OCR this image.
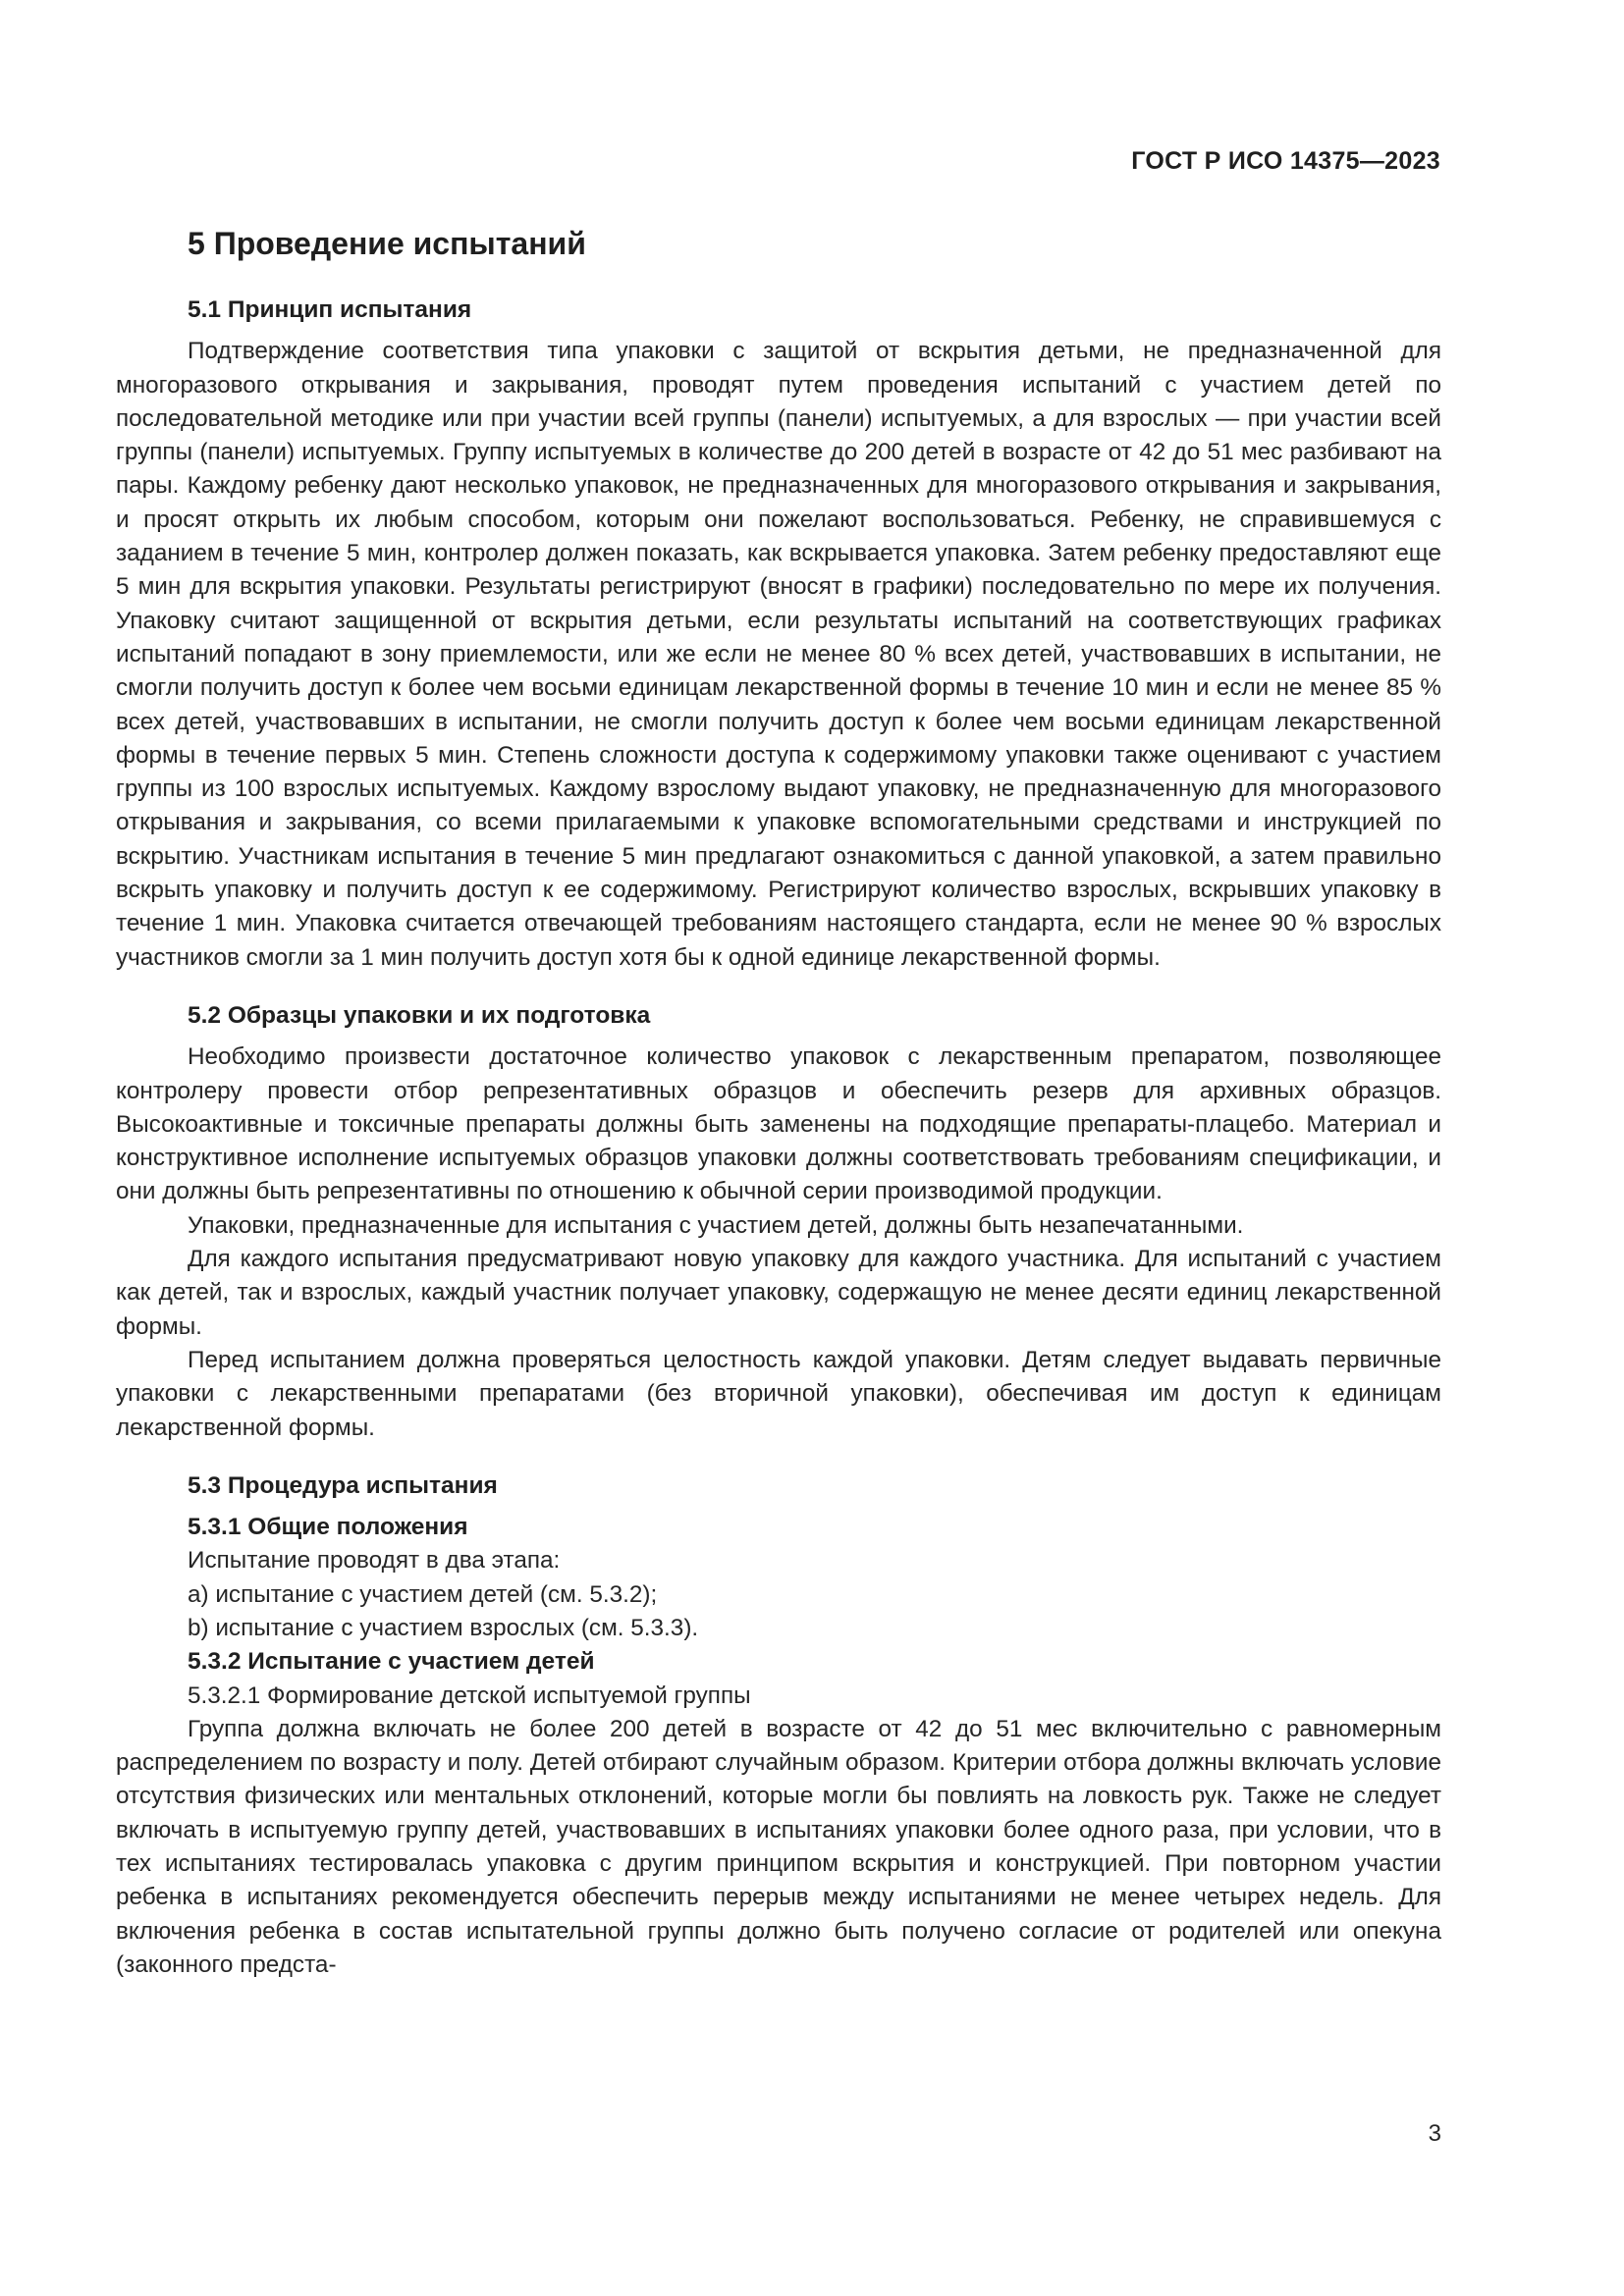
ГОСТ Р ИСО 14375—2023
5 Проведение испытаний
5.1 Принцип испытания

Подтверждение соответствия типа упаковки с защитой от вскрытия детьми, не предназначенной для многоразового открывания и закрывания, проводят путем проведения испытаний с участием детей по последовательной методике или при участии всей группы (панели) испытуемых, а для взрослых — при участии всей группы (панели) испытуемых. Группу испытуемых в количестве до 200 детей в возрасте от 42 до 51 мес разбивают на пары. Каждому ребенку дают несколько упаковок, не предназначенных для многоразового открывания и закрывания, и просят открыть их любым способом, которым они пожелают воспользоваться. Ребенку, не справившемуся с заданием в течение 5 мин, контролер должен показать, как вскрывается упаковка. Затем ребенку предоставляют еще 5 мин для вскрытия упаковки. Результаты регистрируют (вносят в графики) последовательно по мере их получения. Упаковку считают защищенной от вскрытия детьми, если результаты испытаний на соответствующих графиках испытаний попадают в зону приемлемости, или же если не менее 80 % всех детей, участвовавших в испытании, не смогли получить доступ к более чем восьми единицам лекарственной формы в течение 10 мин и если не менее 85 % всех детей, участвовавших в испытании, не смогли получить доступ к более чем восьми единицам лекарственной формы в течение первых 5 мин. Степень сложности доступа к содержимому упаковки также оценивают с участием группы из 100 взрослых испытуемых. Каждому взрослому выдают упаковку, не предназначенную для многоразового открывания и закрывания, со всеми прилагаемыми к упаковке вспомогательными средствами и инструкцией по вскрытию. Участникам испытания в течение 5 мин предлагают ознакомиться с данной упаковкой, а затем правильно вскрыть упаковку и получить доступ к ее содержимому. Регистрируют количество взрослых, вскрывших упаковку в течение 1 мин. Упаковка считается отвечающей требованиям настоящего стандарта, если не менее 90 % взрослых участников смогли за 1 мин получить доступ хотя бы к одной единице лекарственной формы.

5.2 Образцы упаковки и их подготовка

Необходимо произвести достаточное количество упаковок с лекарственным препаратом, позволяющее контролеру провести отбор репрезентативных образцов и обеспечить резерв для архивных образцов. Высокоактивные и токсичные препараты должны быть заменены на подходящие препараты-плацебо. Материал и конструктивное исполнение испытуемых образцов упаковки должны соответствовать требованиям спецификации, и они должны быть репрезентативны по отношению к обычной серии производимой продукции.

Упаковки, предназначенные для испытания с участием детей, должны быть незапечатанными.

Для каждого испытания предусматривают новую упаковку для каждого участника. Для испытаний с участием как детей, так и взрослых, каждый участник получает упаковку, содержащую не менее десяти единиц лекарственной формы.

Перед испытанием должна проверяться целостность каждой упаковки. Детям следует выдавать первичные упаковки с лекарственными препаратами (без вторичной упаковки), обеспечивая им доступ к единицам лекарственной формы.

5.3 Процедура испытания
5.3.1 Общие положения
Испытание проводят в два этапа:
a) испытание с участием детей (см. 5.3.2);
b) испытание с участием взрослых (см. 5.3.3).
5.3.2 Испытание с участием детей
5.3.2.1 Формирование детской испытуемой группы

Группа должна включать не более 200 детей в возрасте от 42 до 51 мес включительно с равномерным распределением по возрасту и полу. Детей отбирают случайным образом. Критерии отбора должны включать условие отсутствия физических или ментальных отклонений, которые могли бы повлиять на ловкость рук. Также не следует включать в испытуемую группу детей, участвовавших в испытаниях упаковки более одного раза, при условии, что в тех испытаниях тестировалась упаковка с другим принципом вскрытия и конструкцией. При повторном участии ребенка в испытаниях рекомендуется обеспечить перерыв между испытаниями не менее четырех недель. Для включения ребенка в состав испытательной группы должно быть получено согласие от родителей или опекуна (законного предста-

3
